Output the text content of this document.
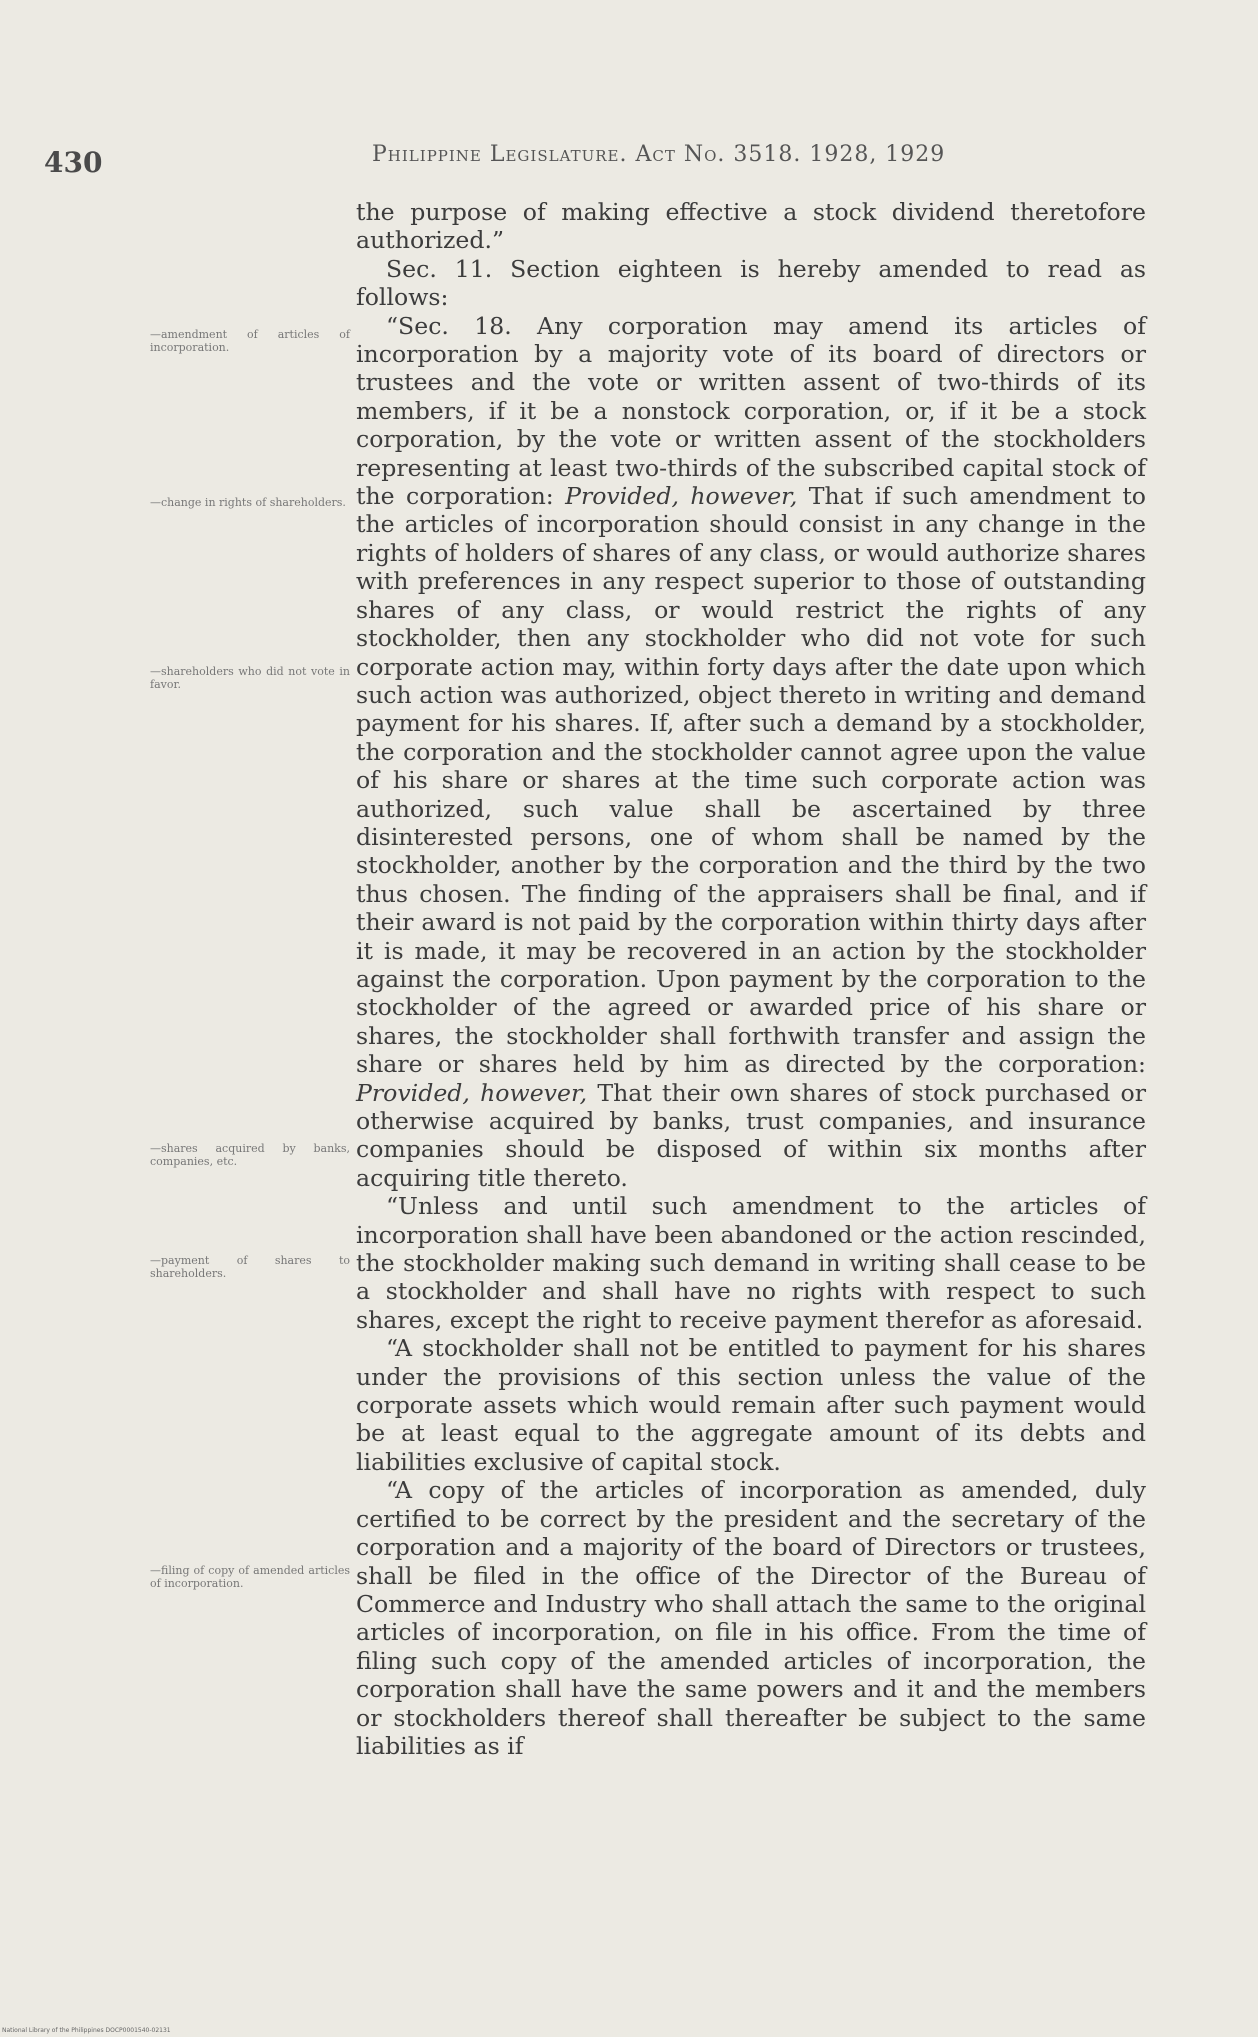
430	Philippine Legislature. Act No. 3518. 1928, 1929
—amendment of articles of incorporation.
—change in rights of shareholders.
—shareholders who did not vote in favor.
—shares acquired by banks, companies, etc.
—payment of shares to shareholders.
—filing of copy of amended articles of incorporation.

the purpose of making effective a stock dividend theretofore authorized.”

Sec. 11. Section eighteen is hereby amended to read as follows:

“Sec. 18. Any corporation may amend its articles of incorporation by a majority vote of its board of directors or trustees and the vote or written assent of two-thirds of its members, if it be a nonstock corporation, or, if it be a stock corporation, by the vote or written assent of the stockholders representing at least two-thirds of the subscribed capital stock of the corporation: Provided, however, That if such amendment to the articles of incorporation should consist in any change in the rights of holders of shares of any class, or would authorize shares with preferences in any respect superior to those of outstanding shares of any class, or would restrict the rights of any stockholder, then any stockholder who did not vote for such corporate action may, within forty days after the date upon which such action was authorized, object thereto in writing and demand payment for his shares. If, after such a demand by a stockholder, the corporation and the stockholder cannot agree upon the value of his share or shares at the time such corporate action was authorized, such value shall be ascertained by three disinterested persons, one of whom shall be named by the stockholder, another by the corporation and the third by the two thus chosen. The finding of the appraisers shall be final, and if their award is not paid by the corporation within thirty days after it is made, it may be recovered in an action by the stockholder against the corporation. Upon payment by the corporation to the stockholder of the agreed or awarded price of his share or shares, the stockholder shall forthwith transfer and assign the share or shares held by him as directed by the corporation: Provided, however, That their own shares of stock purchased or otherwise acquired by banks, trust companies, and insurance companies should be disposed of within six months after acquiring title thereto.

“Unless and until such amendment to the articles of incorporation shall have been abandoned or the action rescinded, the stockholder making such demand in writing shall cease to be a stockholder and shall have no rights with respect to such shares, except the right to receive payment therefor as aforesaid.

“A stockholder shall not be entitled to payment for his shares under the provisions of this section unless the value of the corporate assets which would remain after such payment would be at least equal to the aggregate amount of its debts and liabilities exclusive of capital stock.

“A copy of the articles of incorporation as amended, duly certified to be correct by the president and the secretary of the corporation and a majority of the board of Directors or trustees, shall be filed in the office of the Director of the Bureau of Commerce and Industry who shall attach the same to the original articles of incorporation, on file in his office. From the time of filing such copy of the amended articles of incorporation, the corporation shall have the same powers and it and the members or stockholders thereof shall thereafter be subject to the same liabilities as if

National Library of the Philippines DOCP0001540-02131
